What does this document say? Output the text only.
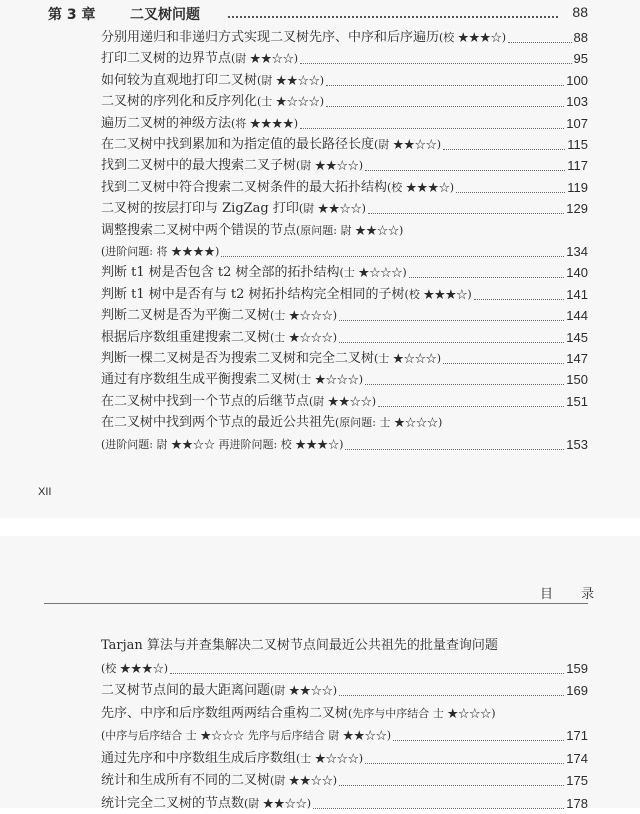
第 3 章 二叉树问题	88
分别用递归和非递归方式实现二叉树先序、中序和后序遍历(校 ★★★☆)	88
打印二叉树的边界节点(尉 ★★☆☆)	95
如何较为直观地打印二叉树(尉 ★★☆☆)	100
二叉树的序列化和反序列化(士 ★☆☆☆)	103
遍历二叉树的神级方法(将 ★★★★)	107
在二叉树中找到累加和为指定值的最长路径长度(尉 ★★☆☆)	115
找到二叉树中的最大搜索二叉子树(尉 ★★☆☆)	117
找到二叉树中符合搜索二叉树条件的最大拓扑结构(校 ★★★☆)	119
二叉树的按层打印与 ZigZag 打印(尉 ★★☆☆)	129
调整搜索二叉树中两个错误的节点(原问题: 尉 ★★☆☆)
(进阶问题: 将 ★★★★)	134
判断 t1 树是否包含 t2 树全部的拓扑结构(士 ★☆☆☆)	140
判断 t1 树中是否有与 t2 树拓扑结构完全相同的子树(校 ★★★☆)	141
判断二叉树是否为平衡二叉树(士 ★☆☆☆)	144
根据后序数组重建搜索二叉树(士 ★☆☆☆)	145
判断一棵二叉树是否为搜索二叉树和完全二叉树(士 ★☆☆☆)	147
通过有序数组生成平衡搜索二叉树(士 ★☆☆☆)	150
在二叉树中找到一个节点的后继节点(尉 ★★☆☆)	151
在二叉树中找到两个节点的最近公共祖先(原问题: 士 ★☆☆☆)
(进阶问题: 尉 ★★☆☆ 再进阶问题: 校 ★★★☆)	153
XII
目 录
Tarjan 算法与并查集解决二叉树节点间最近公共祖先的批量查询问题
(校 ★★★☆)	159
二叉树节点间的最大距离问题(尉 ★★☆☆)	169
先序、中序和后序数组两两结合重构二叉树(先序与中序结合 士 ★☆☆☆)
(中序与后序结合 士 ★☆☆☆ 先序与后序结合 尉 ★★☆☆)	171
通过先序和中序数组生成后序数组(士 ★☆☆☆)	174
统计和生成所有不同的二叉树(尉 ★★☆☆)	175
统计完全二叉树的节点数(尉 ★★☆☆)	178
